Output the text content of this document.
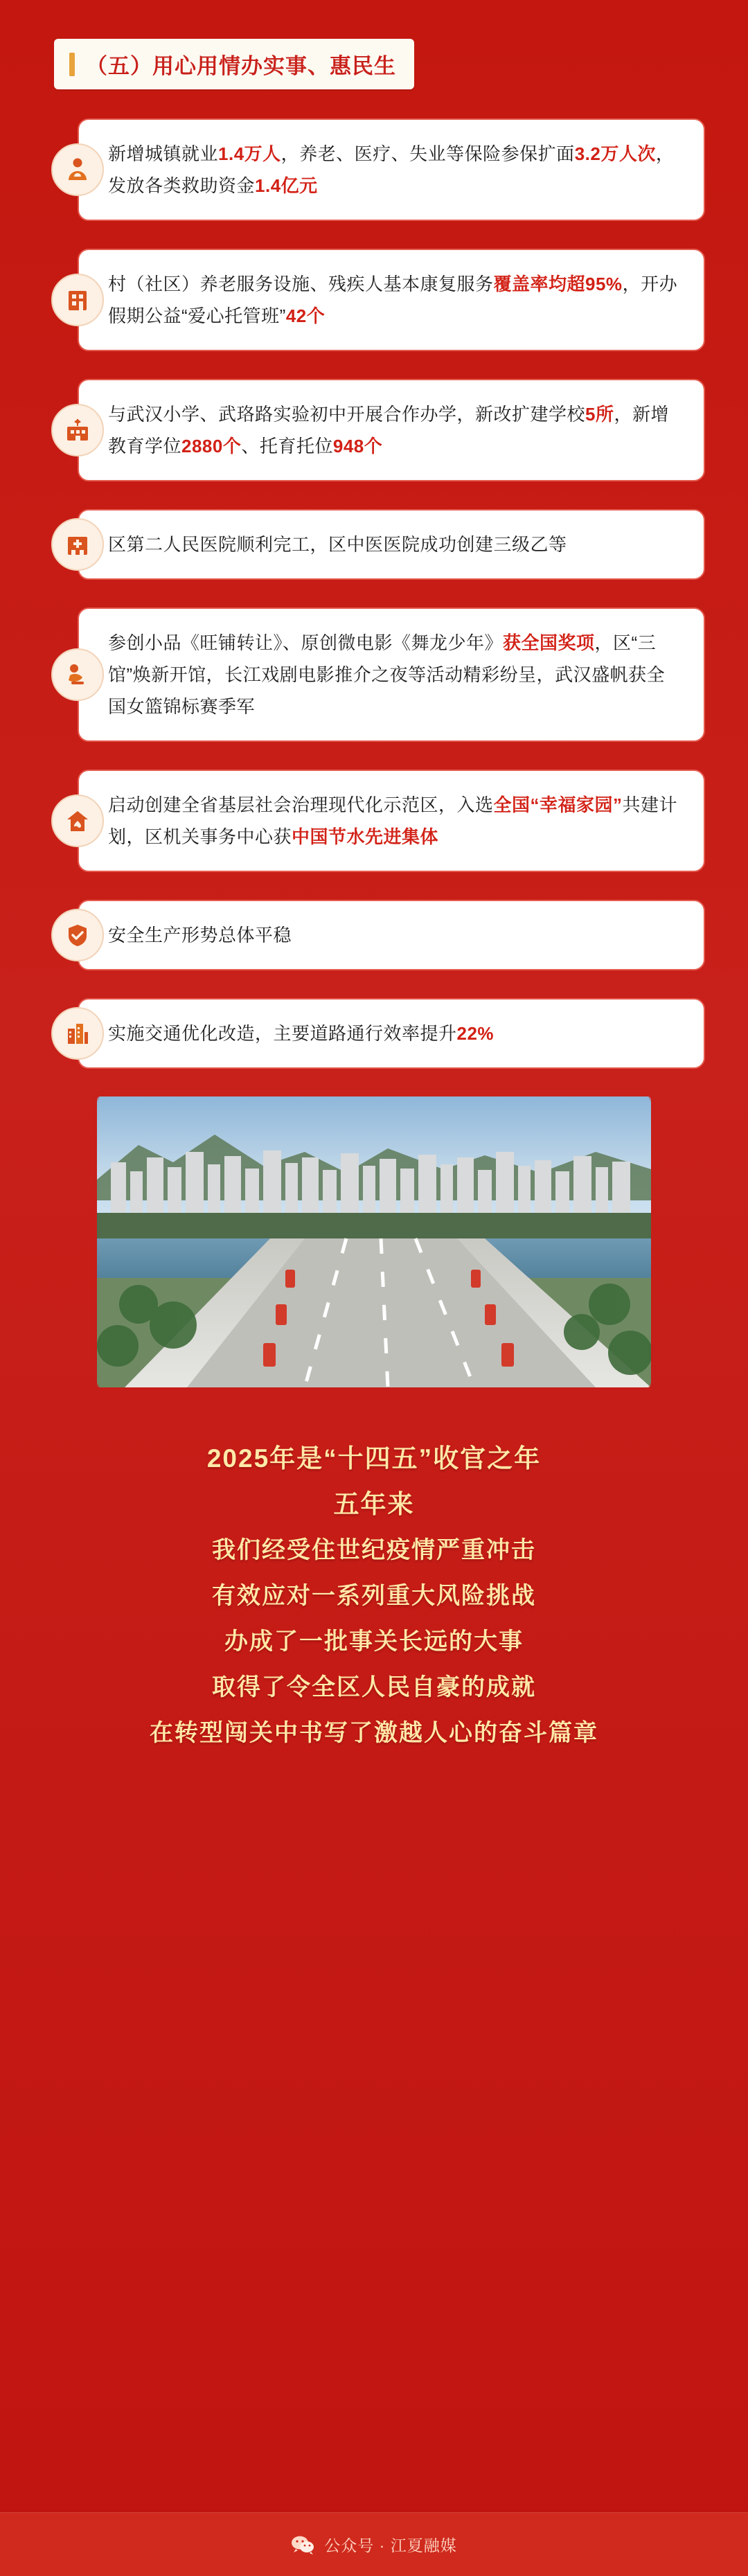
（五）用心用情办实事、惠民生
新增城镇就业1.4万人，养老、医疗、失业等保险参保扩面3.2万人次，发放各类救助资金1.4亿元
村（社区）养老服务设施、残疾人基本康复服务覆盖率均超95%，开办假期公益“爱心托管班”42个
与武汉小学、武珞路实验初中开展合作办学，新改扩建学校5所，新增教育学位2880个、托育托位948个
区第二人民医院顺利完工，区中医医院成功创建三级乙等
参创小品《旺铺转让》、原创微电影《舞龙少年》获全国奖项，区“三馆”焕新开馆，长江戏剧电影推介之夜等活动精彩纷呈，武汉盛帆获全国女篮锦标赛季军
启动创建全省基层社会治理现代化示范区，入选全国“幸福家园”共建计划，区机关事务中心获中国节水先进集体
安全生产形势总体平稳
实施交通优化改造，主要道路通行效率提升22%
2025年是“十四五”收官之年
五年来
我们经受住世纪疫情严重冲击
有效应对一系列重大风险挑战
办成了一批事关长远的大事
取得了令全区人民自豪的成就
在转型闯关中书写了激越人心的奋斗篇章
公众号 · 江夏融媒
